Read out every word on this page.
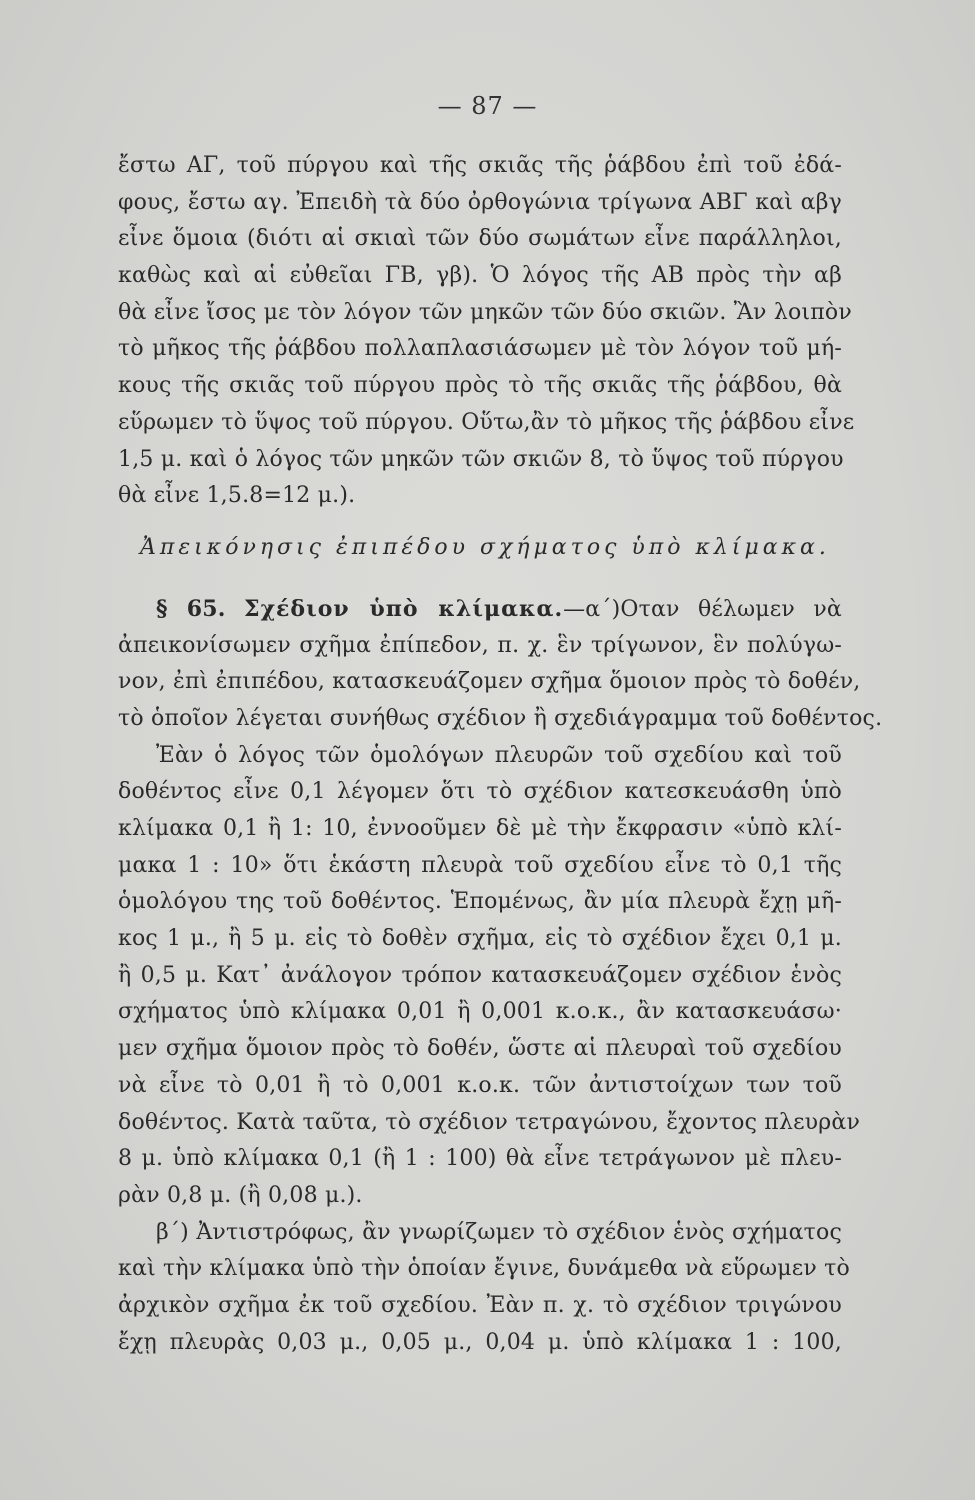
— 87 —
ἔστω ΑΓ, τοῦ πύργου καὶ τῆς σκιᾶς τῆς ῥάβδου ἐπὶ τοῦ ἐδά-
φους, ἔστω αγ. Ἐπειδὴ τὰ δύο ὀρθογώνια τρίγωνα ΑΒΓ καὶ αβγ
εἶνε ὅμοια (διότι αἱ σκιαὶ τῶν δύο σωμάτων εἶνε παράλληλοι,
καθὼς καὶ αἱ εὐθεῖαι ΓΒ, γβ). Ὁ λόγος τῆς ΑΒ πρὸς τὴν αβ
θὰ εἶνε ἴσος με τὸν λόγον τῶν μηκῶν τῶν δύο σκιῶν. Ἂν λοιπὸν
τὸ μῆκος τῆς ῥάβδου πολλαπλασιάσωμεν μὲ τὸν λόγον τοῦ μή-
κους τῆς σκιᾶς τοῦ πύργου πρὸς τὸ τῆς σκιᾶς τῆς ῥάβδου, θὰ
εὕρωμεν τὸ ὕψος τοῦ πύργου. Οὕτω,ἂν τὸ μῆκος τῆς ῥάβδου εἶνε
1,5 μ. καὶ ὁ λόγος τῶν μηκῶν τῶν σκιῶν 8, τὸ ὕψος τοῦ πύργου
θὰ εἶνε 1,5.8=12 μ.).
Ἀπεικόνησις ἐπιπέδου σχήματος ὑπὸ κλίμακα.
§ 65. Σχέδιον ὑπὸ κλίμακα.—α΄)Οταν θέλωμεν νὰ
ἀπεικονίσωμεν σχῆμα ἐπίπεδον, π. χ. ἓν τρίγωνον, ἓν πολύγω-
νον, ἐπὶ ἐπιπέδου, κατασκευάζομεν σχῆμα ὅμοιον πρὸς τὸ δοθέν,
τὸ ὁποῖον λέγεται συνήθως σχέδιον ἢ σχεδιάγραμμα τοῦ δοθέντος.
Ἐὰν ὁ λόγος τῶν ὁμολόγων πλευρῶν τοῦ σχεδίου καὶ τοῦ
δοθέντος εἶνε 0,1 λέγομεν ὅτι τὸ σχέδιον κατεσκευάσθη ὑπὸ
κλίμακα 0,1 ἢ 1: 10, ἐννοοῦμεν δὲ μὲ τὴν ἔκφρασιν «ὑπὸ κλί-
μακα 1 : 10» ὅτι ἑκάστη πλευρὰ τοῦ σχεδίου εἶνε τὸ 0,1 τῆς
ὁμολόγου της τοῦ δοθέντος. Ἑπομένως, ἂν μία πλευρὰ ἔχῃ μῆ-
κος 1 μ., ἢ 5 μ. εἰς τὸ δοθὲν σχῆμα, εἰς τὸ σχέδιον ἔχει 0,1 μ.
ἢ 0,5 μ. Κατ᾽ ἀνάλογον τρόπον κατασκευάζομεν σχέδιον ἑνὸς
σχήματος ὑπὸ κλίμακα 0,01 ἢ 0,001 κ.ο.κ., ἂν κατασκευάσω·
μεν σχῆμα ὅμοιον πρὸς τὸ δοθέν, ὥστε αἱ πλευραὶ τοῦ σχεδίου
νὰ εἶνε τὸ 0,01 ἢ τὸ 0,001 κ.ο.κ. τῶν ἀντιστοίχων των τοῦ
δοθέντος. Κατὰ ταῦτα, τὸ σχέδιον τετραγώνου, ἔχοντος πλευρὰν
8 μ. ὑπὸ κλίμακα 0,1 (ἢ 1 : 100) θὰ εἶνε τετράγωνον μὲ πλευ-
ρὰν 0,8 μ. (ἢ 0,08 μ.).
β΄) Ἀντιστρόφως, ἂν γνωρίζωμεν τὸ σχέδιον ἑνὸς σχήματος
καὶ τὴν κλίμακα ὑπὸ τὴν ὁποίαν ἔγινε, δυνάμεθα νὰ εὕρωμεν τὸ
ἀρχικὸν σχῆμα ἐκ τοῦ σχεδίου. Ἐὰν π. χ. τὸ σχέδιον τριγώνου
ἔχῃ πλευρὰς 0,03 μ., 0,05 μ., 0,04 μ. ὑπὸ κλίμακα 1 : 100,
